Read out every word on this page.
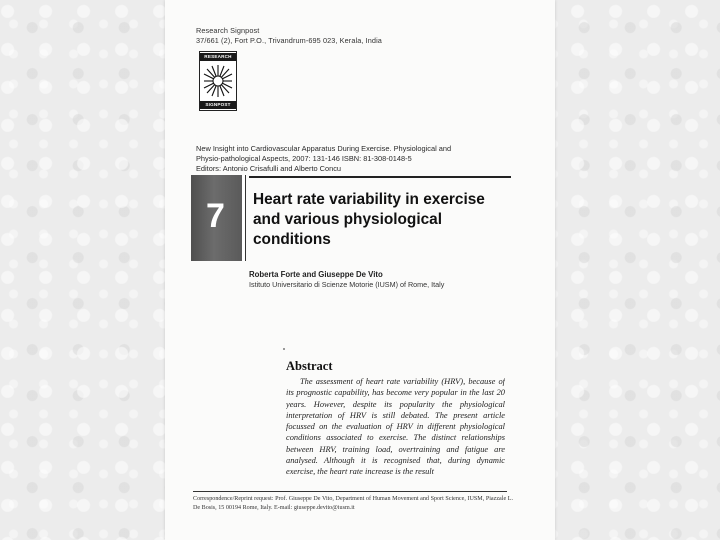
Research Signpost
37/661 (2), Fort P.O., Trivandrum-695 023, Kerala, India
RESEARCH
SIGNPOST
New Insight into Cardiovascular Apparatus During Exercise. Physiological and
Physio-pathological Aspects, 2007: 131-146 ISBN: 81-308-0148-5
Editors: Antonio Crisafulli and Alberto Concu
7 Heart rate variability in exercise and various physiological conditions
Roberta Forte and Giuseppe De Vito
Istituto Universitario di Scienze Motorie (IUSM) of Rome, Italy
Abstract
The assessment of heart rate variability (HRV), because of its prognostic capability, has become very popular in the last 20 years. However, despite its popularity the physiological interpretation of HRV is still debated. The present article focussed on the evaluation of HRV in different physiological conditions associated to exercise. The distinct relationships between HRV, training load, overtraining and fatigue are analysed. Although it is recognised that, during dynamic exercise, the heart rate increase is the result
Correspondence/Reprint request: Prof. Giuseppe De Vito, Department of Human Movement and Sport Science, IUSM, Piazzale L. De Bosis, 15 00194 Rome, Italy. E-mail: giuseppe.devito@iusm.it
